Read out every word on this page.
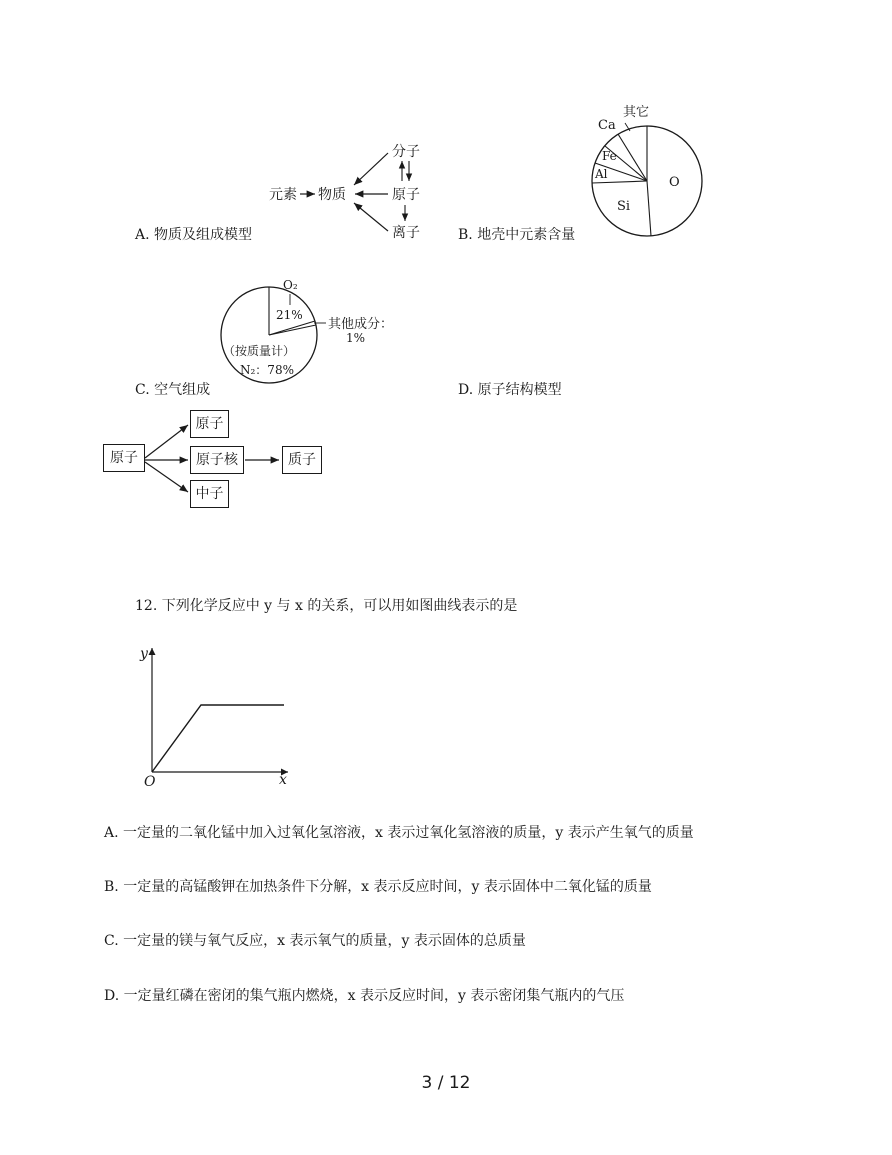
元素 物质
分子
原子
离子
O
Si
Al
Fe
Ca
其它
A. 物质及组成模型	B. 地壳中元素含量
O₂
21%
其他成分：
1%
（按质量计）
N₂：78%
C. 空气组成	D. 原子结构模型
原子
原子
原子核
中子
质子
12. 下列化学反应中 y 与 x 的关系，可以用如图曲线表示的是
y
x
O
A. 一定量的二氧化锰中加入过氧化氢溶液，x 表示过氧化氢溶液的质量，y 表示产生氧气的质量
B. 一定量的高锰酸钾在加热条件下分解，x 表示反应时间，y 表示固体中二氧化锰的质量
C. 一定量的镁与氧气反应，x 表示氧气的质量，y 表示固体的总质量
D. 一定量红磷在密闭的集气瓶内燃烧，x 表示反应时间，y 表示密闭集气瓶内的气压
3 / 12
